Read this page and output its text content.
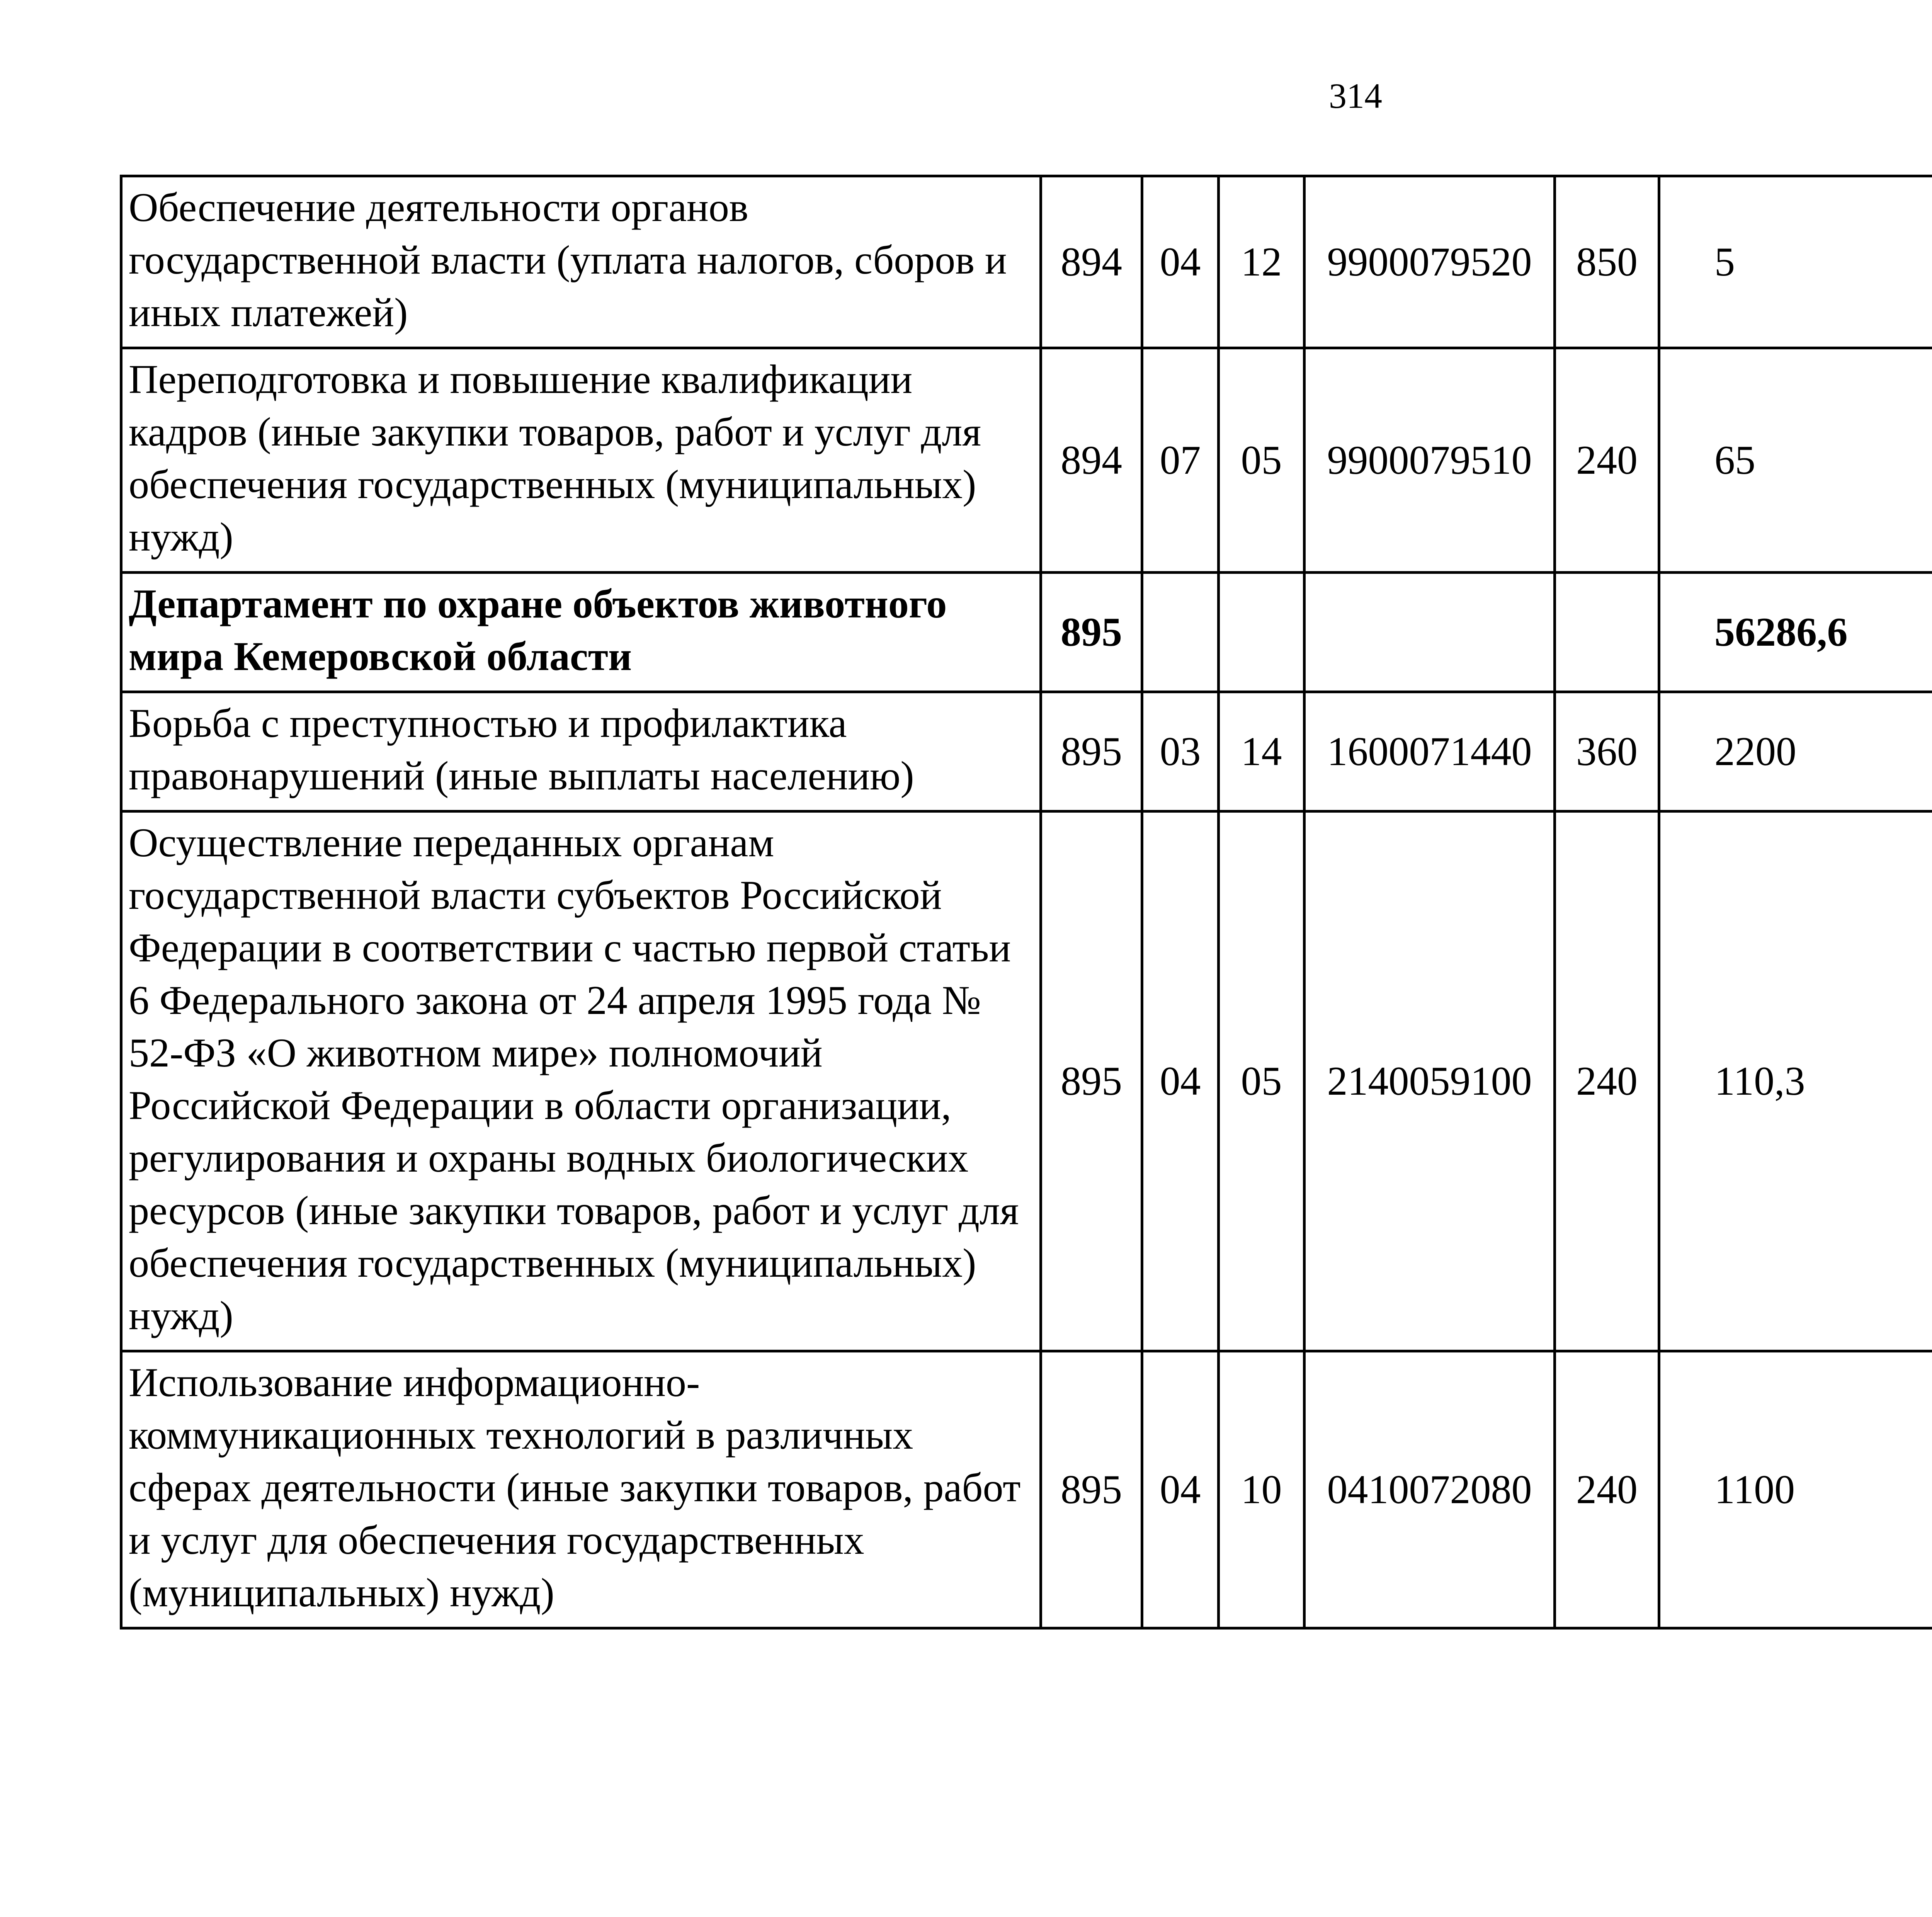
314
Обеспечение деятельности органов государственной власти (уплата налогов, сборов и иных платежей)	894	04	12	9900079520	850	5		
Переподготовка и повышение квалификации кадров (иные закупки товаров, работ и услуг для обеспечения государственных (муниципальных) нужд)	894	07	05	9900079510	240	65		
Департамент по охране объектов животного мира Кемеровской области	895					56286,6		
Борьба с преступностью и профилактика правонарушений (иные выплаты населению)	895	03	14	1600071440	360	2200		
Осуществление переданных органам государственной власти субъектов Российской Федерации в соответствии с частью первой статьи 6 Федерального закона от 24 апреля 1995 года № 52-ФЗ «О животном мире» полномочий Российской Федерации в области организации, регулирования и охраны водных биологических ресурсов (иные закупки товаров, работ и услуг для обеспечения государственных (муниципальных) нужд)	895	04	05	2140059100	240	110,3		
Использование информационно-коммуникационных технологий в различных сферах деятельности (иные закупки товаров, работ и услуг для обеспечения государственных (муниципальных) нужд)	895	04	10	0410072080	240	1100		
